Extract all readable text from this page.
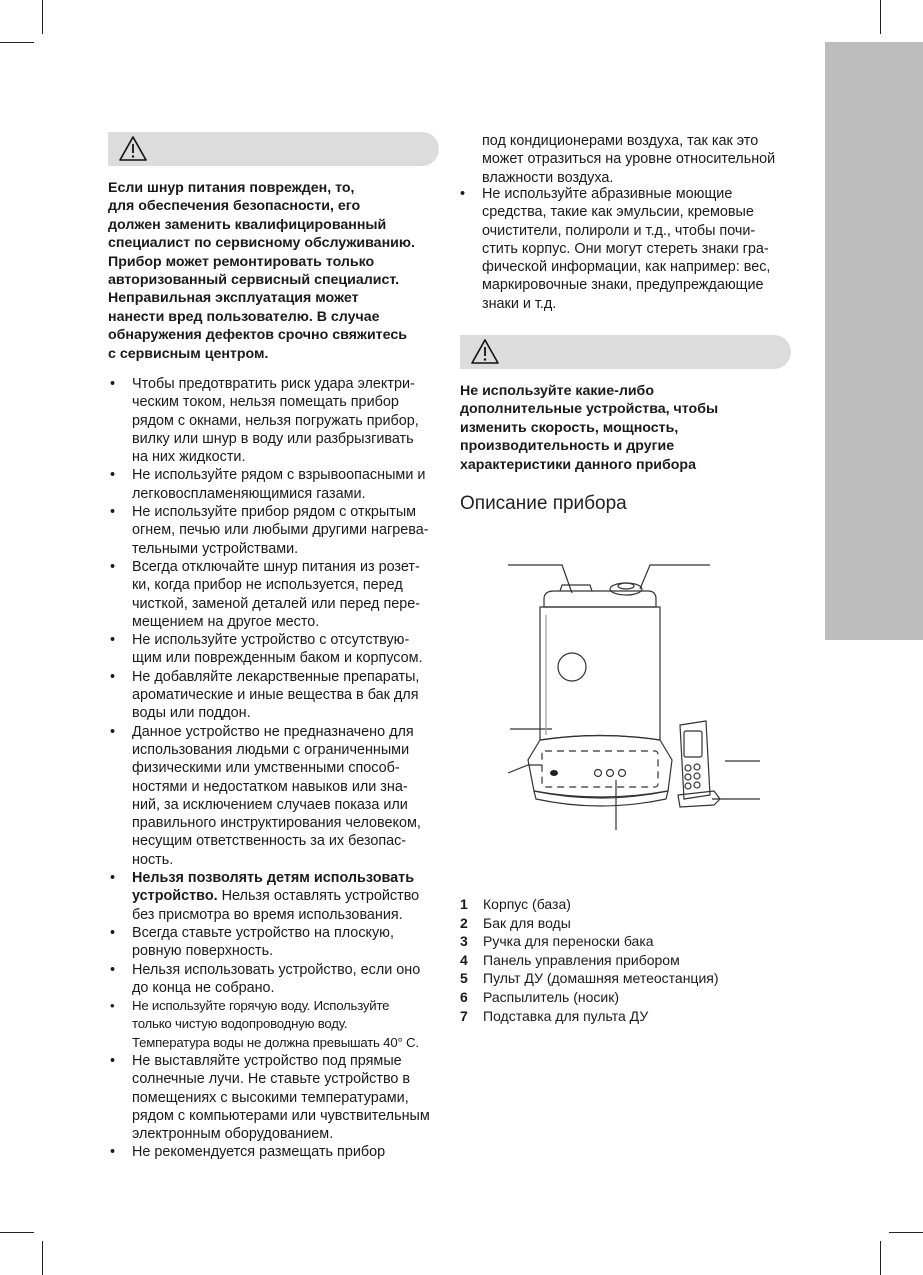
Если шнур питания поврежден, то,
для обеспечения безопасности, его
должен заменить квалифицированный
специалист по сервисному обслуживанию.
Прибор может ремонтировать только
авторизованный сервисный специалист.
Неправильная эксплуатация может
нанести вред пользователю. В случае
обнаружения дефектов срочно свяжитесь
с сервисным центром.
• Чтобы предотвратить риск удара электри-
ческим током, нельзя помещать прибор
рядом с окнами, нельзя погружать прибор,
вилку или шнур в воду или разбрызгивать
на них жидкости.
• Не используйте рядом с взрывоопасными и
легковоспламеняющимися газами.
• Не используйте прибор рядом с открытым
огнем, печью или любыми другими нагрева-
тельными устройствами.
• Всегда отключайте шнур питания из розет-
ки, когда прибор не используется, перед
чисткой, заменой деталей или перед пере-
мещением на другое место.
• Не используйте устройство с отсутствую-
щим или поврежденным баком и корпусом.
• Не добавляйте лекарственные препараты,
ароматические и иные вещества в бак для
воды или поддон.
• Данное устройство не предназначено для
использования людьми с ограниченными
физическими или умственными способ-
ностями и недостатком навыков или зна-
ний, за исключением случаев показа или
правильного инструктирования человеком,
несущим ответственность за их безопас-
ность.
• Нельзя позволять детям использовать
устройство. Нельзя оставлять устройство
без присмотра во время использования.
• Всегда ставьте устройство на плоскую,
ровную поверхность.
• Нельзя использовать устройство, если оно
до конца не собрано.
• Не используйте горячую воду. Используйте
только чистую водопроводную воду.
Температура воды не должна превышать 40° С.
• Не выставляйте устройство под прямые
солнечные лучи. Не ставьте устройство в
помещениях с высокими температурами,
рядом с компьютерами или чувствительным
электронным оборудованием.
• Не рекомендуется размещать прибор
под кондиционерами воздуха, так как это
может отразиться на уровне относительной
влажности воздуха.
• Не используйте абразивные моющие
средства, такие как эмульсии, кремовые
очистители, полироли и т.д., чтобы почи-
стить корпус. Они могут стереть знаки гра-
фической информации, как например: вес,
маркировочные знаки, предупреждающие
знаки и т.д.
Не используйте какие-либо
дополнительные устройства, чтобы
изменить скорость, мощность,
производительность и другие
характеристики данного прибора
Описание прибора
1 Корпус (база)
2 Бак для воды
3 Ручка для переноски бака
4 Панель управления прибором
5 Пульт ДУ (домашняя метеостанция)
6 Распылитель (носик)
7 Подставка для пульта ДУ
